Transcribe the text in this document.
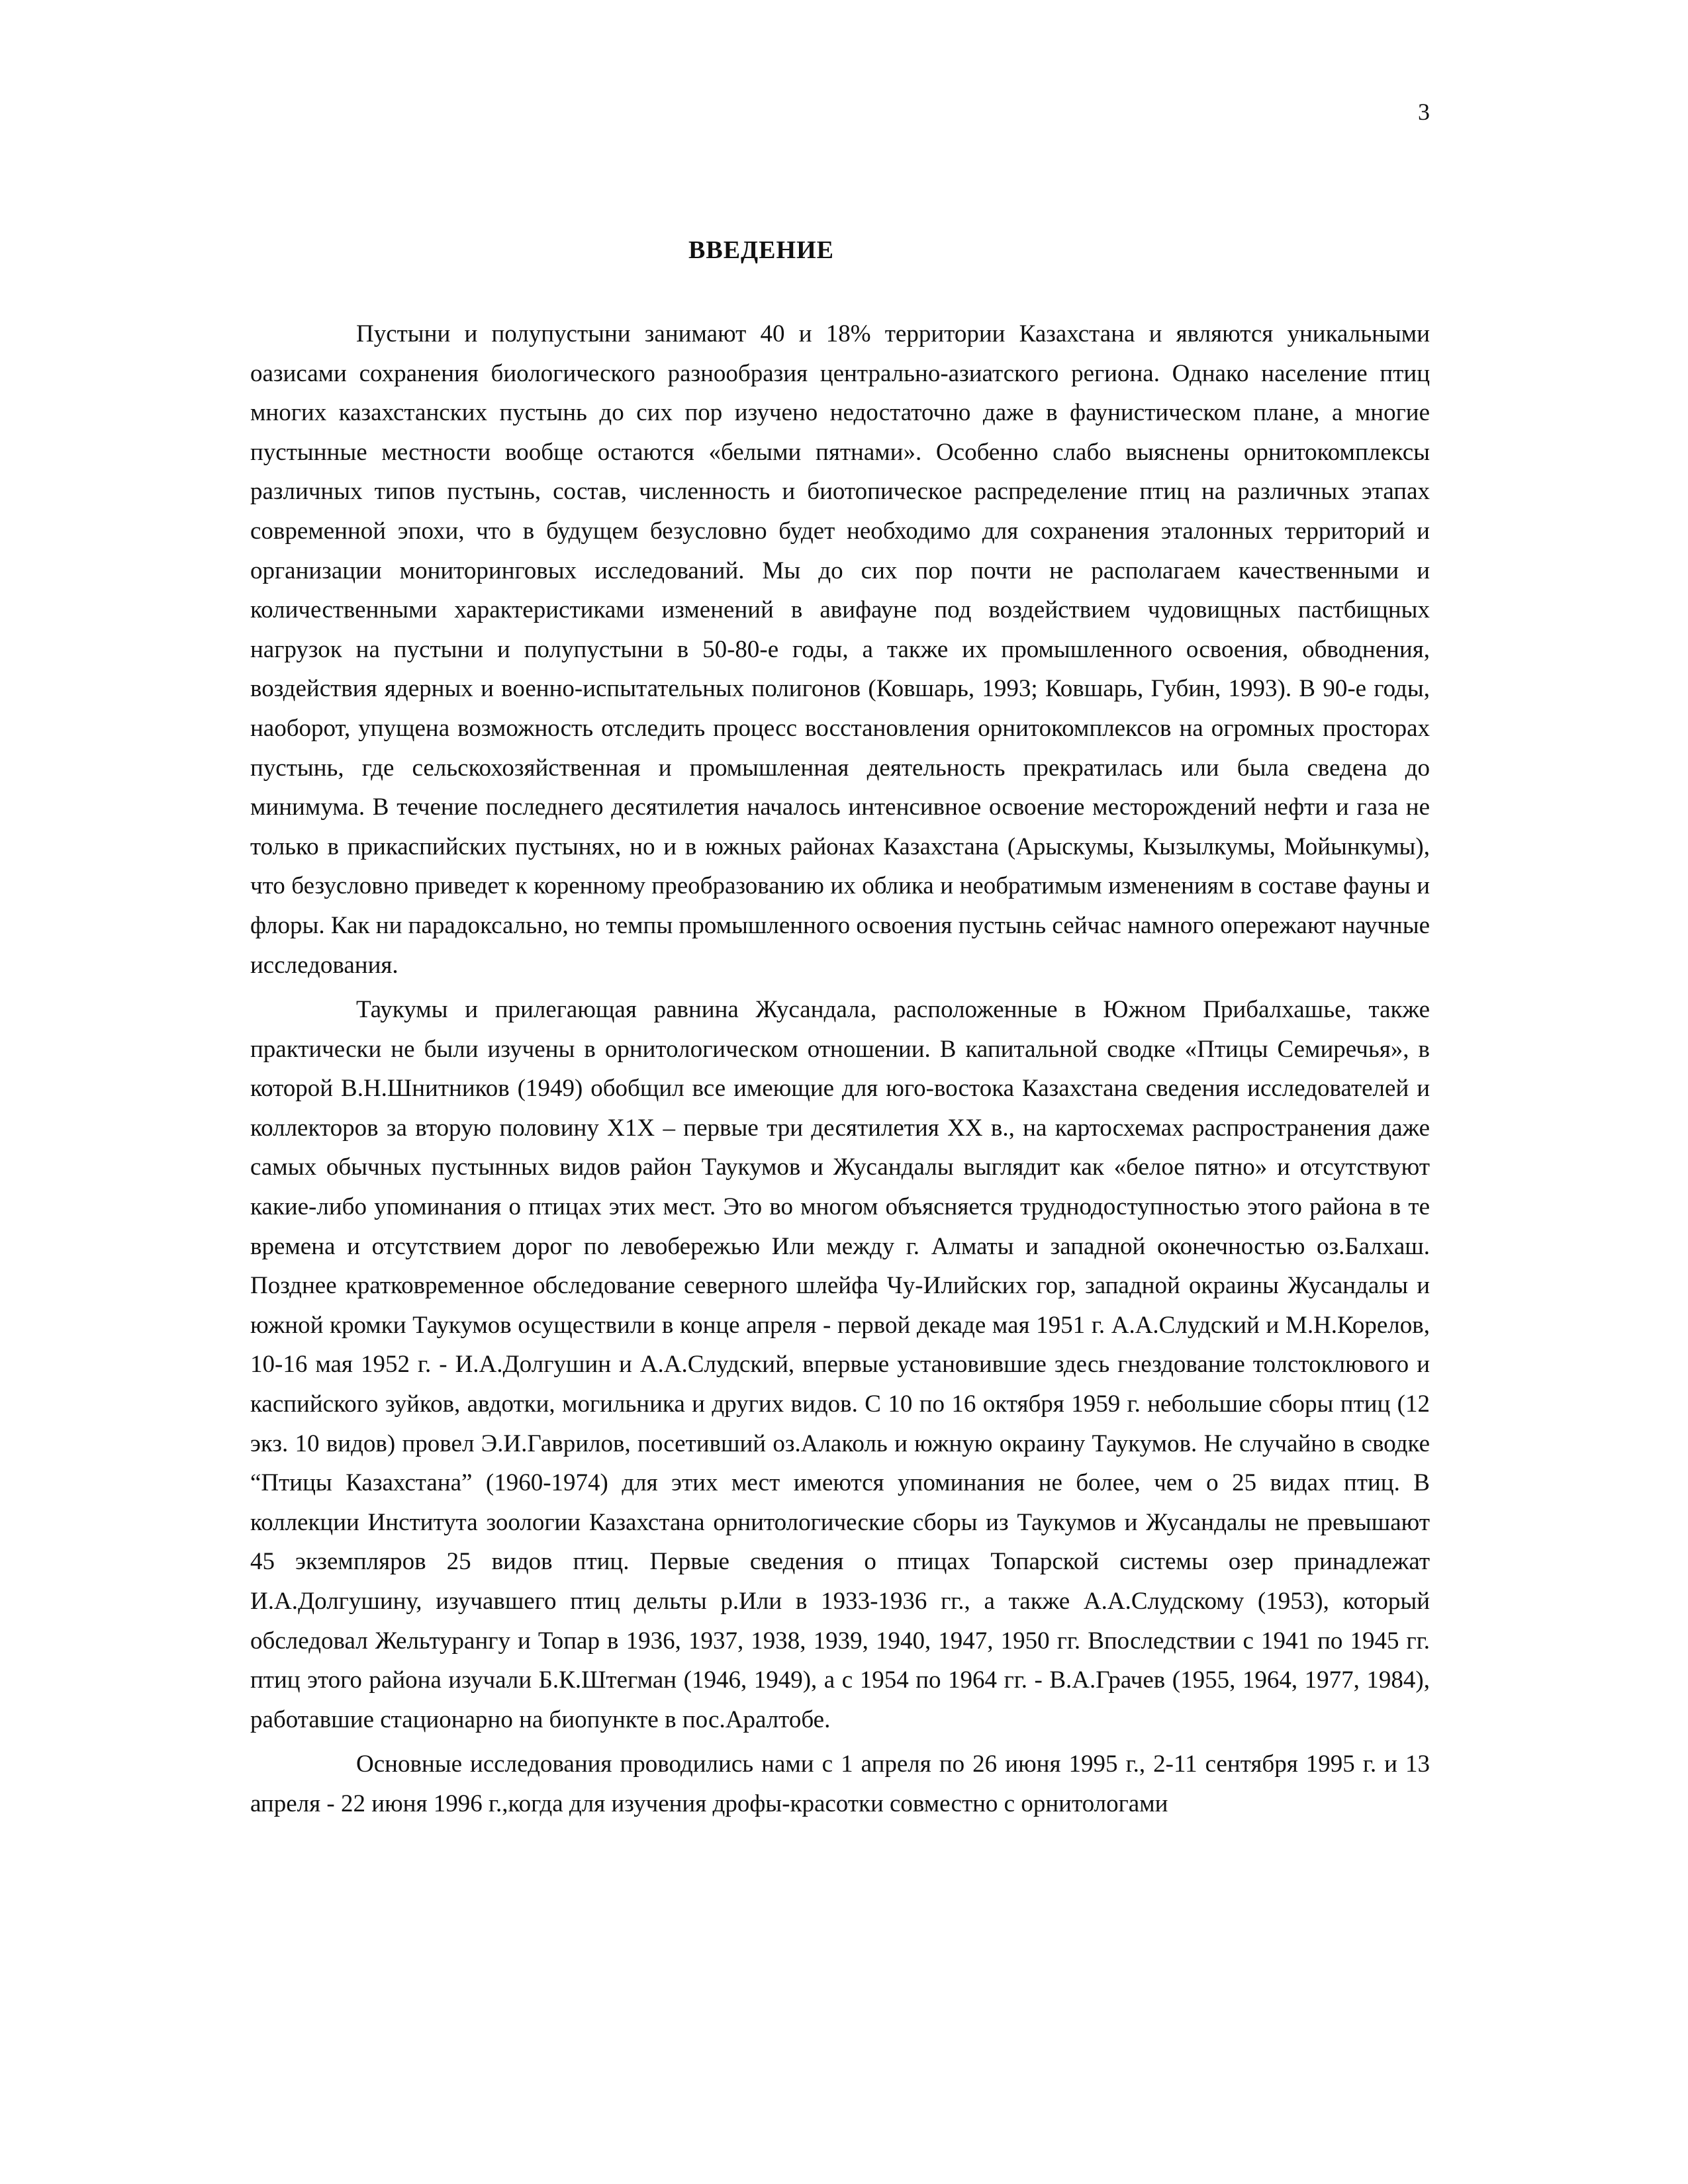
3
ВВЕДЕНИЕ

Пустыни и полупустыни занимают 40 и 18% территории Казахстана и являются уникальными оазисами сохранения биологического разнообразия центрально-азиатского региона. Однако население птиц многих казахстанских пустынь до сих пор изучено недостаточно даже в фаунистическом плане, а многие пустынные местности вообще остаются «белыми пятнами». Особенно слабо выяснены орнитокомплексы различных типов пустынь, состав, численность и биотопическое распределение птиц на различных этапах современной эпохи, что в будущем безусловно будет необходимо для сохранения эталонных территорий и организации мониторинговых исследований. Мы до сих пор почти не располагаем качественными и количественными характеристиками изменений в авифауне под воздействием чудовищных пастбищных нагрузок на пустыни и полупустыни в 50-80-е годы, а также их промышленного освоения, обводнения, воздействия ядерных и военно-испытательных полигонов (Ковшарь, 1993; Ковшарь, Губин, 1993). В 90-е годы, наоборот, упущена возможность отследить процесс восстановления орнитокомплексов на огромных просторах пустынь, где сельскохозяйственная и промышленная деятельность прекратилась или была сведена до минимума. В течение последнего десятилетия началось интенсивное освоение месторождений нефти и газа не только в прикаспийских пустынях, но и в южных районах Казахстана (Арыскумы, Кызылкумы, Мойынкумы), что безусловно приведет к коренному преобразованию их облика и необратимым изменениям в составе фауны и флоры. Как ни парадоксально, но темпы промышленного освоения пустынь сейчас намного опережают научные исследования.

Таукумы и прилегающая равнина Жусандала, расположенные в Южном Прибалхашье, также практически не были изучены в орнитологическом отношении. В капитальной сводке «Птицы Семиречья», в которой В.Н.Шнитников (1949) обобщил все имеющие для юго-востока Казахстана сведения исследователей и коллекторов за вторую половину X1X – первые три десятилетия XX в., на картосхемах распространения даже самых обычных пустынных видов район Таукумов и Жусандалы выглядит как «белое пятно» и отсутствуют какие-либо упоминания о птицах этих мест. Это во многом объясняется труднодоступностью этого района в те времена и отсутствием дорог по левобережью Или между г. Алматы и западной оконечностью оз.Балхаш. Позднее кратковременное обследование северного шлейфа Чу-Илийских гор, западной окраины Жусандалы и южной кромки Таукумов осуществили в конце апреля - первой декаде мая 1951 г. А.А.Слудский и М.Н.Корелов, 10-16 мая 1952 г. - И.А.Долгушин и А.А.Слудский, впервые установившие здесь гнездование толстоклювого и каспийского зуйков, авдотки, могильника и других видов. С 10 по 16 октября 1959 г. небольшие сборы птиц (12 экз. 10 видов) провел Э.И.Гаврилов, посетивший оз.Алаколь и южную окраину Таукумов. Не случайно в сводке “Птицы Казахстана” (1960-1974) для этих мест имеются упоминания не более, чем о 25 видах птиц. В коллекции Института зоологии Казахстана орнитологические сборы из Таукумов и Жусандалы не превышают 45 экземпляров 25 видов птиц. Первые сведения о птицах Топарской системы озер принадлежат И.А.Долгушину, изучавшего птиц дельты р.Или в 1933-1936 гг., а также А.А.Слудскому (1953), который обследовал Жельтурангу и Топар в 1936, 1937, 1938, 1939, 1940, 1947, 1950 гг. Впоследствии с 1941 по 1945 гг. птиц этого района изучали Б.К.Штегман (1946, 1949), а с 1954 по 1964 гг. - В.А.Грачев (1955, 1964, 1977, 1984), работавшие стационарно на биопункте в пос.Аралтобе.

Основные исследования проводились нами с 1 апреля по 26 июня 1995 г., 2-11 сентября 1995 г. и 13 апреля - 22 июня 1996 г.,когда для изучения дрофы-красотки совместно с орнитологами
